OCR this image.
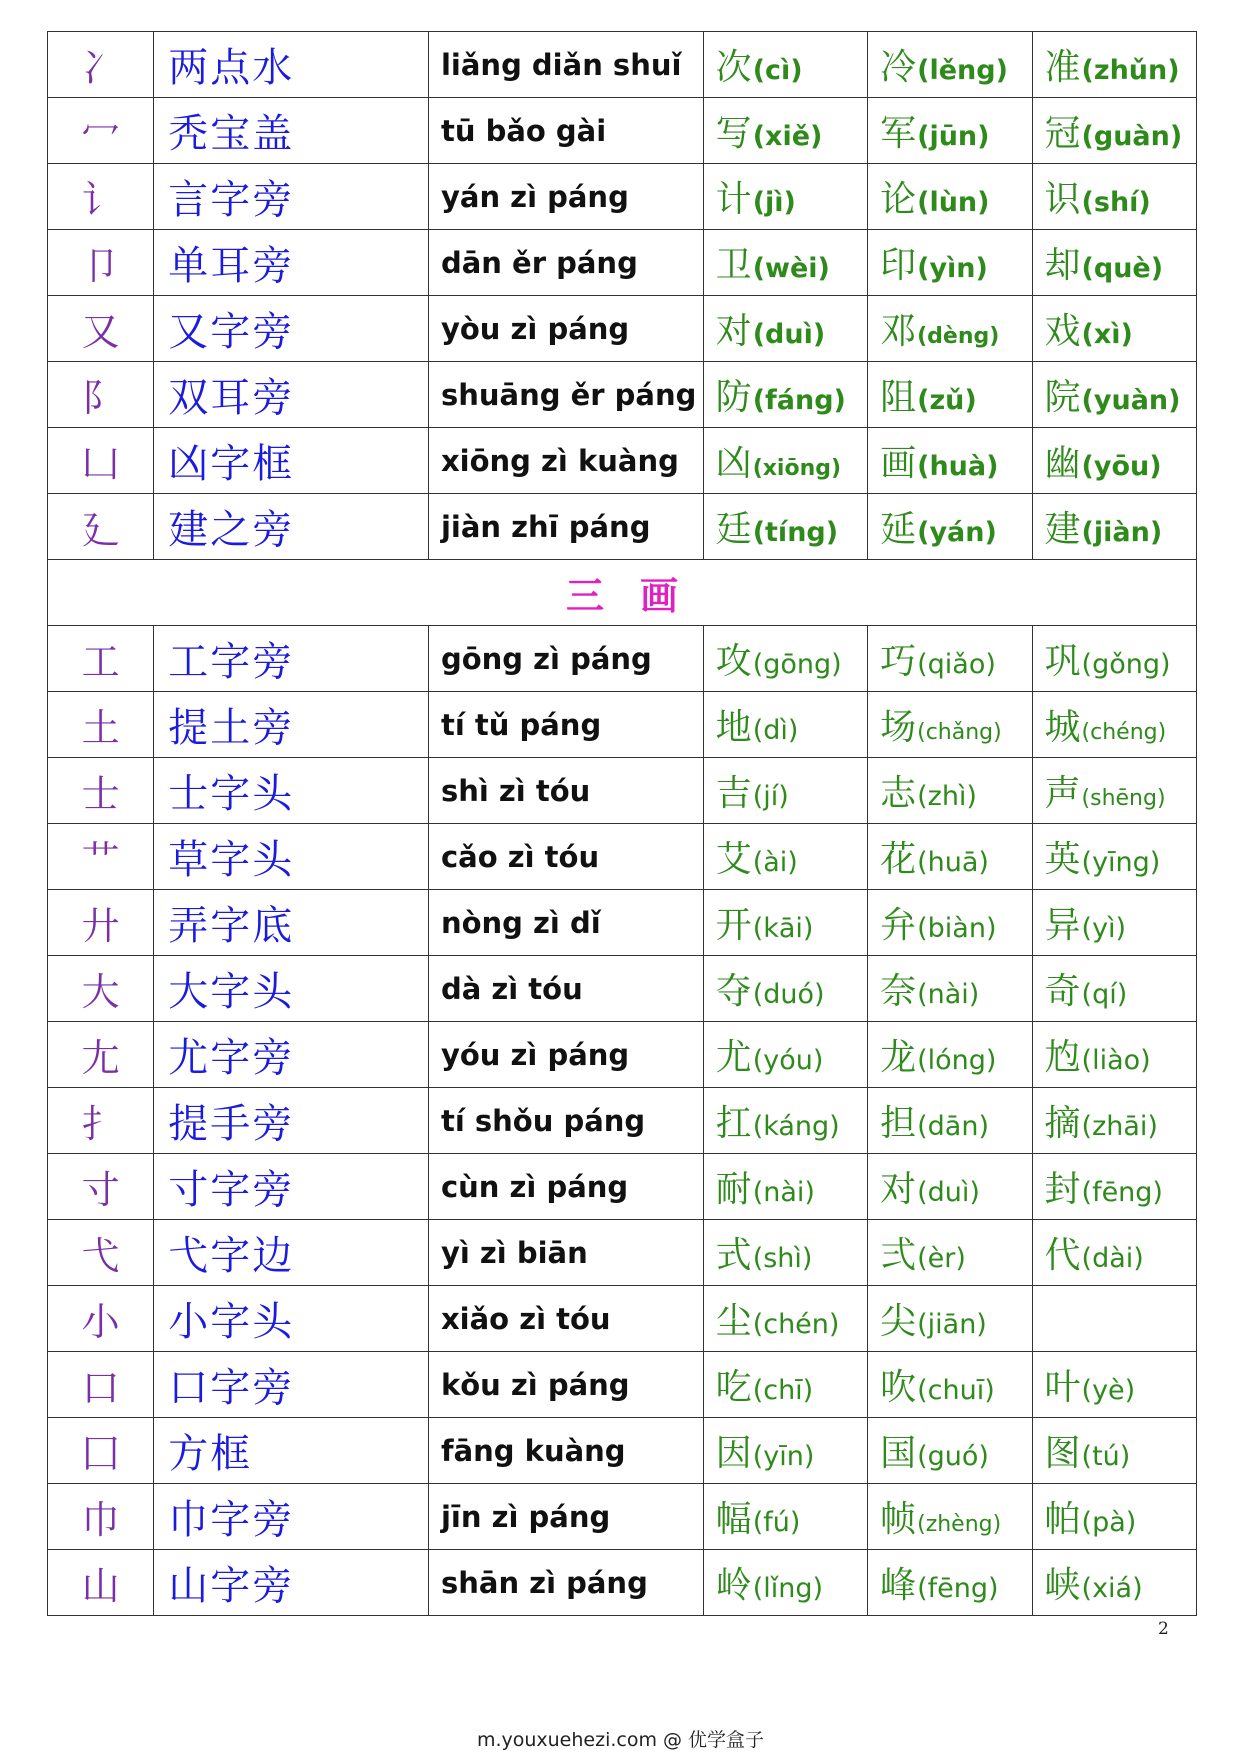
冫	两点水	liǎng diǎn shuǐ	次(cì)	冷(lěng)	准(zhǔn)
冖	秃宝盖	tū bǎo gài	写(xiě)	军(jūn)	冠(guàn)
讠	言字旁	yán zì páng	计(jì)	论(lùn)	识(shí)
卩	单耳旁	dān ěr páng	卫(wèi)	印(yìn)	却(què)
又	又字旁	yòu zì páng	对(duì)	邓(dèng)	戏(xì)
阝	双耳旁	shuāng ěr páng	防(fáng)	阻(zǔ)	院(yuàn)
凵	凶字框	xiōng zì kuàng	凶(xiōng)	画(huà)	幽(yōu)
廴	建之旁	jiàn zhī páng	廷(tíng)	延(yán)	建(jiàn)
三 画					
工	工字旁	gōng zì páng	攻(gōng)	巧(qiǎo)	巩(gǒng)
土	提土旁	tí tǔ páng	地(dì)	场(chǎng)	城(chéng)
士	士字头	shì zì tóu	吉(jí)	志(zhì)	声(shēng)
艹	草字头	cǎo zì tóu	艾(ài)	花(huā)	英(yīng)
廾	弄字底	nòng zì dǐ	开(kāi)	弁(biàn)	异(yì)
大	大字头	dà zì tóu	夺(duó)	奈(nài)	奇(qí)
尢	尤字旁	yóu zì páng	尤(yóu)	龙(lóng)	尥(liào)
扌	提手旁	tí shǒu páng	扛(káng)	担(dān)	摘(zhāi)
寸	寸字旁	cùn zì páng	耐(nài)	对(duì)	封(fēng)
弋	弋字边	yì zì biān	式(shì)	弍(èr)	代(dài)
小	小字头	xiǎo zì tóu	尘(chén)	尖(jiān)	
口	口字旁	kǒu zì páng	吃(chī)	吹(chuī)	叶(yè)
囗	方框	fāng kuàng	因(yīn)	国(guó)	图(tú)
巾	巾字旁	jīn zì páng	幅(fú)	帧(zhèng)	帕(pà)
山	山字旁	shān zì páng	岭(lǐng)	峰(fēng)	峡(xiá)
2
m.youxuehezi.com @ 优学盒子
